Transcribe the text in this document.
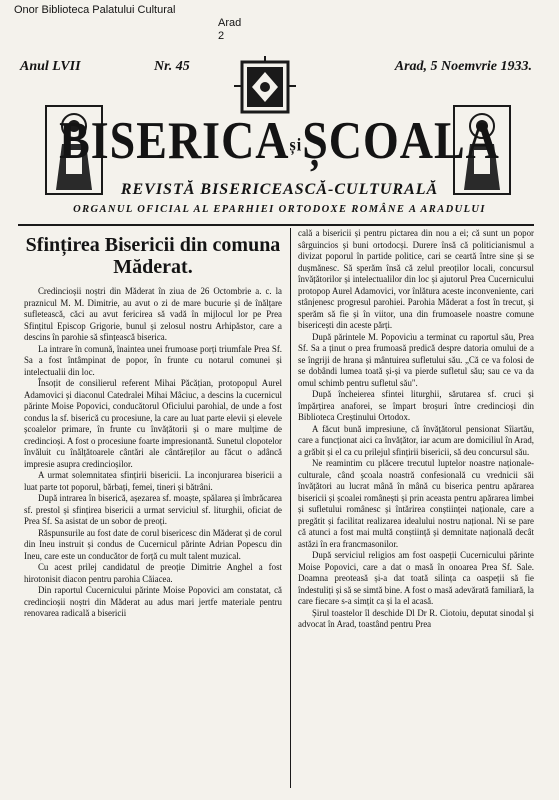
Onor Biblioteca Palatului Cultural
Arad
2
Anul LVII	Nr. 45	Arad, 5 Noemvrie 1933.
BISERICAșiȘCOALA
REVISTĂ BISERICEASCĂ-CULTURALĂ
ORGANUL OFICIAL AL EPARHIEI ORTODOXE ROMÂNE A ARADULUI
Sfințirea Bisericii din comuna Măderat.

Credincioșii noștri din Măderat în ziua de 26 Octombrie a. c. la praznicul M. M. Dimitrie, au avut o zi de mare bucurie și de înălțare sufletească, căci au avut fericirea să vadă în mijlocul lor pe Prea Sfințitul Episcop Grigorie, bunul și zelosul nostru Arhipăstor, care a descins în parohie să sfințească biserica.

La intrare în comună, înaintea unei frumoase porți triumfale Prea Sf. Sa a fost întâmpinat de popor, în frunte cu notarul comunei și intelectualii din loc.

Însoțit de consilierul referent Mihai Păcățian, protopopul Aurel Adamovici și diaconul Catedralei Mihai Mâciuc, a descins la cucernicul părinte Moise Popovici, conducătorul Oficiului parohial, de unde a fost condus la sf. biserică cu procesiune, la care au luat parte elevii și elevele școalelor primare, în frunte cu învățătorii și o mare mulțime de credincioși. A fost o procesiune foarte impresionantă. Sunetul clopotelor învăluit cu înălțătoarele cântări ale cântăreților au făcut o adâncă impresie asupra credincioșilor.

A urmat solemnitatea sfințirii bisericii. La inconjurarea bisericii a luat parte tot poporul, bărbați, femei, tineri și bătrâni.

După intrarea în biserică, așezarea sf. moaște, spălarea și îmbrăcarea sf. prestol și sfințirea bisericii a urmat serviciul sf. liturghii, oficiat de Prea Sf. Sa asistat de un sobor de preoți.

Răspunsurile au fost date de corul bisericesc din Măderat și de corul din Ineu instruit și condus de Cucernicul părinte Adrian Popescu din Ineu, care este un conducător de forță cu mult talent muzical.

Cu acest prilej candidatul de preoție Dimitrie Anghel a fost hirotonisit diacon pentru parohia Căiacea.

Din raportul Cucernicului părinte Moise Popovici am constatat, că credincioșii noștri din Măderat au adus mari jertfe materiale pentru renovarea radicală a bisericii

cală a bisericii și pentru pictarea din nou a ei; că sunt un popor sârguincios și buni ortodocși. Durere însă că politicianismul a divizat poporul în partide politice, cari se ceartă între sine și se dușmănesc. Să sperăm însă că zelul preoților locali, concursul învățătorilor și intelectualilor din loc și ajutorul Prea Cucernicului protopop Aurel Adamovici, vor înlătura aceste inconveniente, cari stânjenesc progresul parohiei. Parohia Măderat a fost în trecut, și sperăm să fie și în viitor, una din frumoasele noastre comune bisericești din aceste părți.

După părintele M. Popovicìu a terminat cu raportul său, Prea Sf. Sa a ținut o prea frumoasă predică despre datoria omului de a se îngriji de hrana și mântuirea sufletului său. „Că ce va folosi de se dobândi lumea toată și-și va pierde sufletul său; sau ce va da omul schimb pentru sufletul său".

După încheierea sfintei liturghii, sărutarea sf. cruci și împărțirea anaforei, se împart broșuri între credincioși din Biblioteca Creștinului Ortodox.

A făcut bună impresiune, că învățătorul pensionat Sîiartău, care a funcționat aici ca învățător, iar acum are domiciliul în Arad, a grăbit și el ca cu prilejul sfințirii bisericii, să deu concursul său.

Ne reamintim cu plăcere trecutul luptelor noastre naționale-culturale, când școala noastră confesională cu vrednicii săi învățători au lucrat mână în mână cu biserica pentru apărarea bisericii și școalei românești și prin aceasta pentru apărarea limbei și sufletului românesc și întărirea conștiinței naționale, care a pregătit și facilitat realizarea idealului nostru național. Ni se pare că atunci a fost mai multă conștiință și demnitate națională decât astăzi în era francmasonilor.

După serviciul religios am fost oaspeții Cucernicului părinte Moise Popovici, care a dat o masă în onoarea Prea Sf. Sale. Doamna preoteasă și-a dat toată silința ca oaspeții să fie îndestuliți și să se simtă bine. A fost o masă adevărată familiară, la care fiecare s-a simțit ca și la el acasă.

Șirul toastelor îl deschide Dl Dr R. Ciotoiu, deputat sinodal și advocat în Arad, toastând pentru Prea
